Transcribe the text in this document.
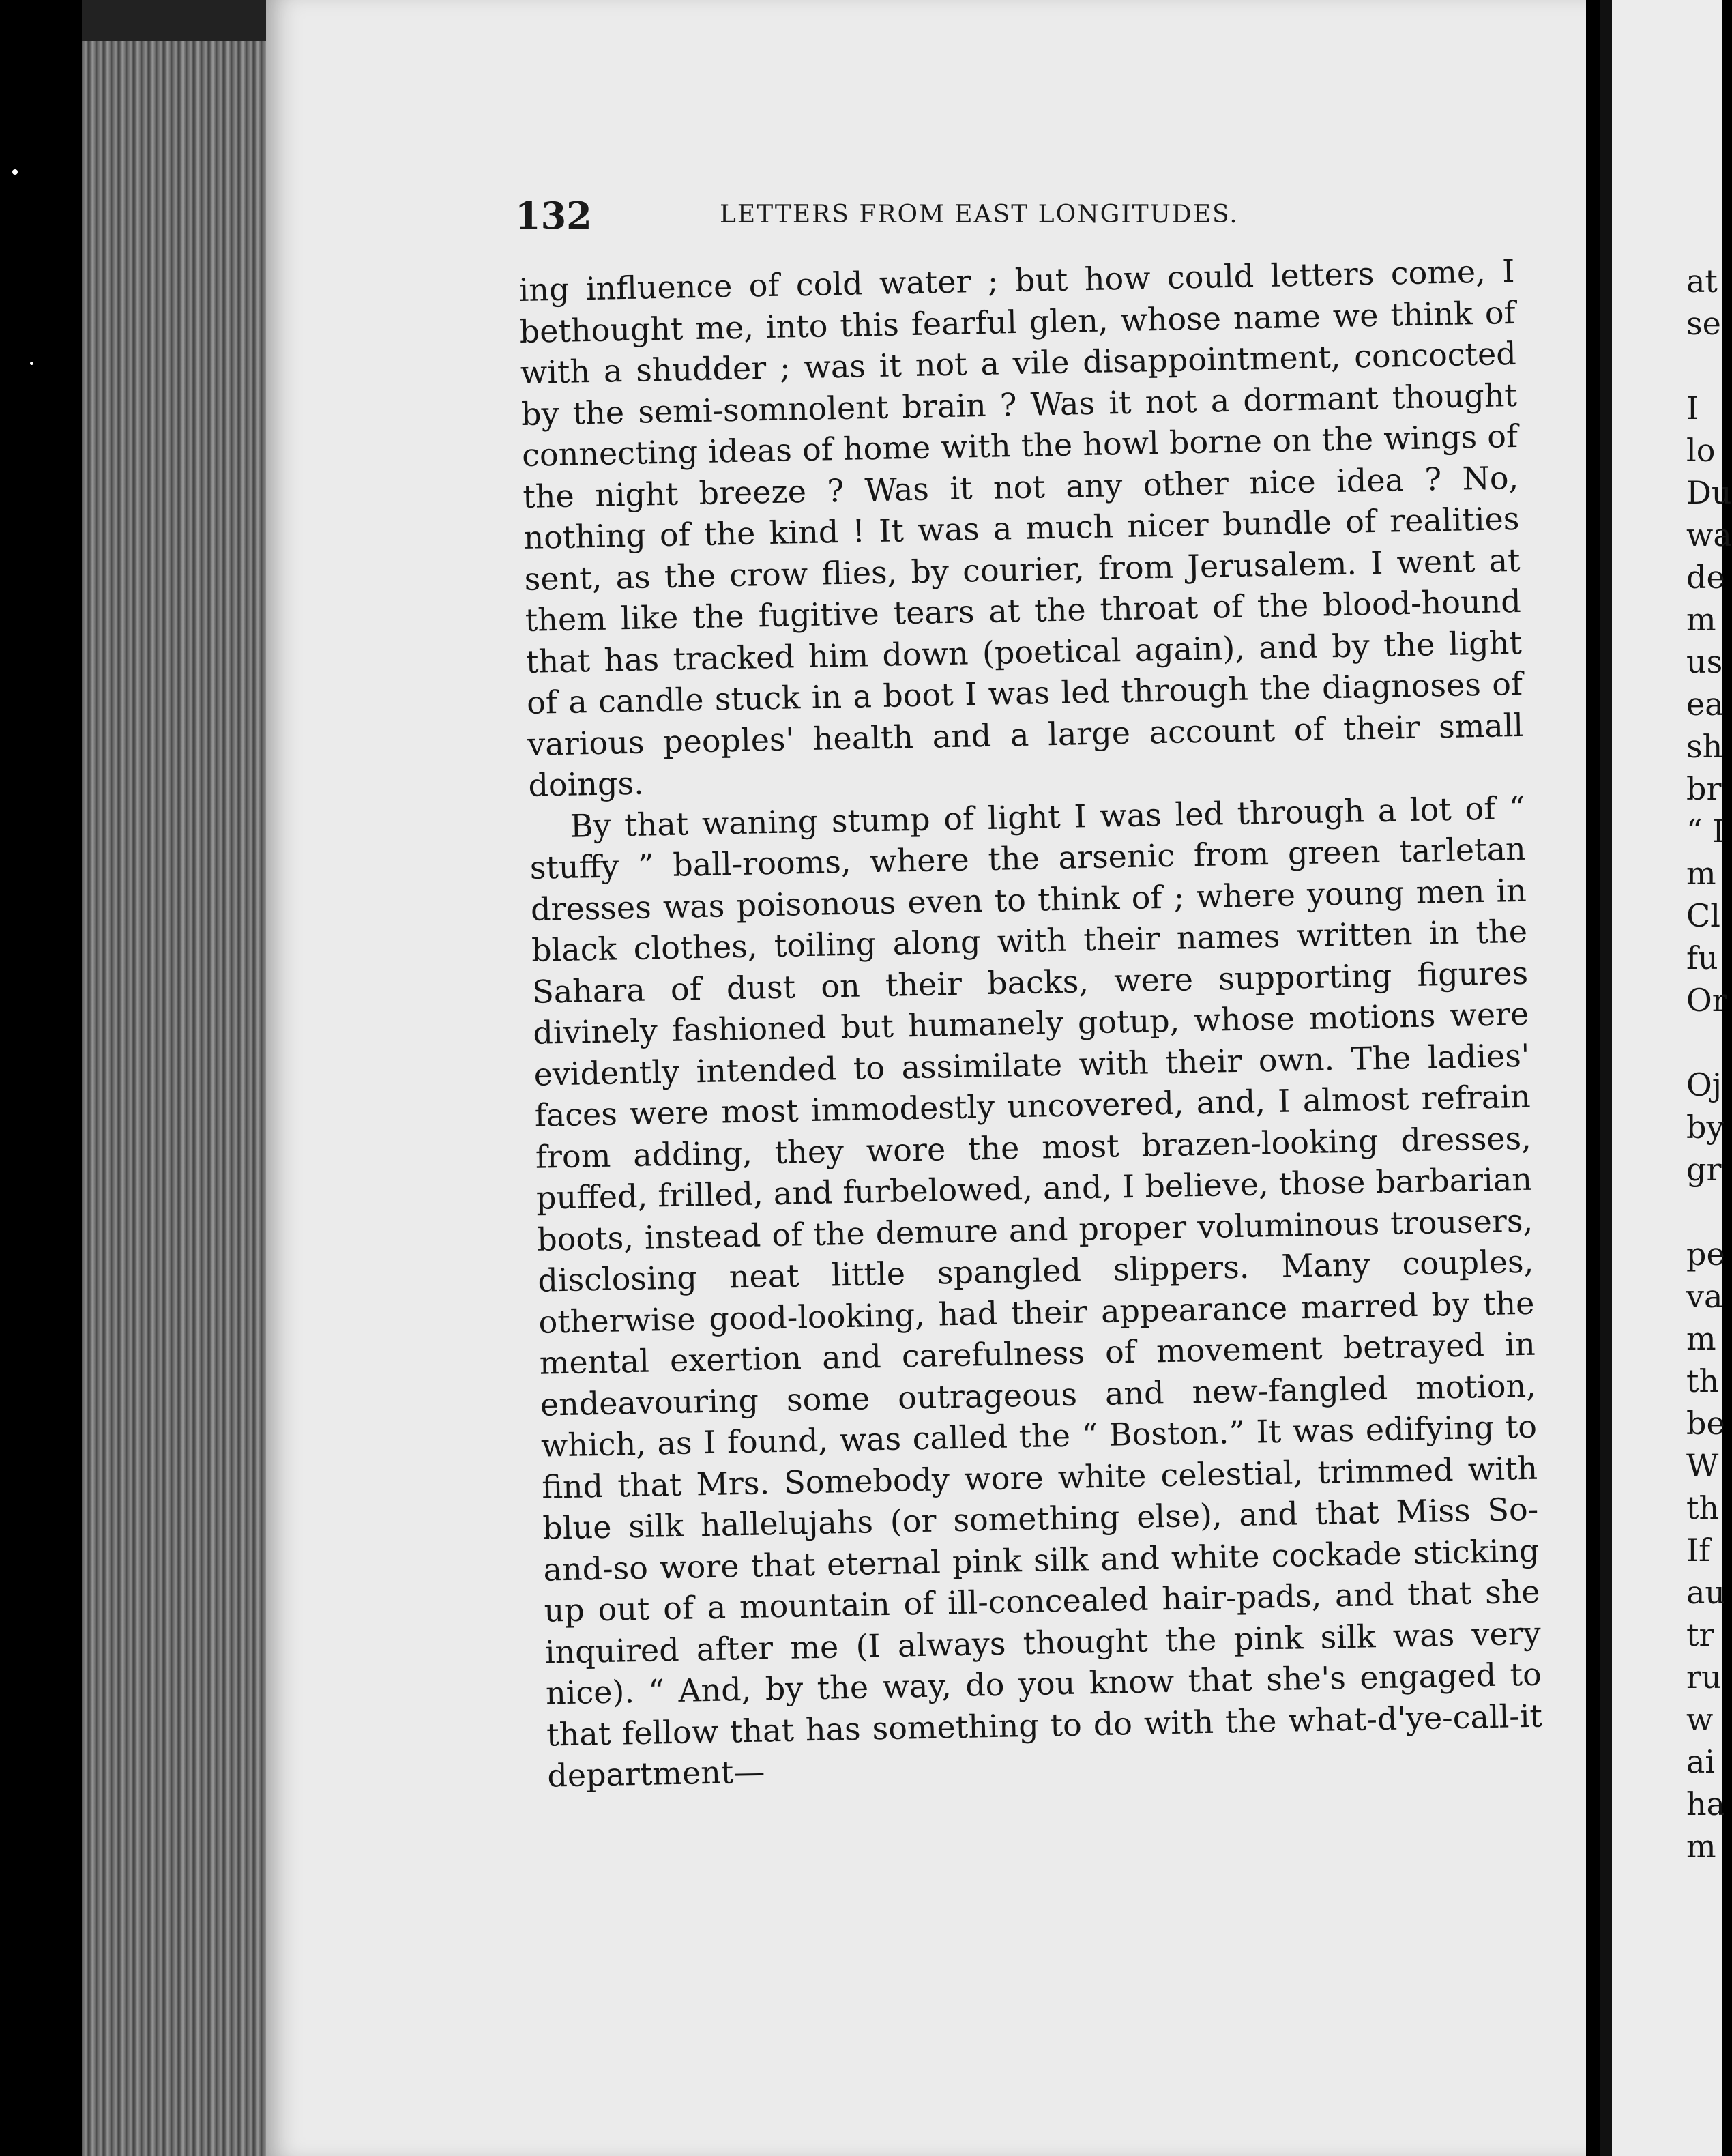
132	LETTERS FROM EAST LONGITUDES.

ing influence of cold water ; but how could letters come, I bethought me, into this fearful glen, whose name we think of with a shudder ; was it not a vile disappointment, concocted by the semi-somnolent brain ? Was it not a dormant thought connecting ideas of home with the howl borne on the wings of the night breeze ? Was it not any other nice idea ? No, nothing of the kind ! It was a much nicer bundle of realities sent, as the crow flies, by courier, from Jerusalem. I went at them like the fugitive tears at the throat of the blood-hound that has tracked him down (poetical again), and by the light of a candle stuck in a boot I was led through the diagnoses of various peoples' health and a large account of their small doings.

By that waning stump of light I was led through a lot of “ stuffy ” ball-rooms, where the arsenic from green tarletan dresses was poisonous even to think of ; where young men in black clothes, toiling along with their names written in the Sahara of dust on their backs, were supporting figures divinely fashioned but humanely gotup, whose motions were evidently intended to assimilate with their own. The ladies' faces were most immodestly uncovered, and, I almost refrain from adding, they wore the most brazen-looking dresses, puffed, frilled, and furbelowed, and, I believe, those barbarian boots, instead of the demure and proper voluminous trousers, disclosing neat little spangled slippers. Many couples, otherwise good-looking, had their appearance marred by the mental exertion and carefulness of movement betrayed in endeavouring some outrageous and new-fangled motion, which, as I found, was called the “ Boston.” It was edifying to find that Mrs. Somebody wore white celestial, trimmed with blue silk hallelujahs (or something else), and that Miss So-and-so wore that eternal pink silk and white cockade sticking up out of a mountain of ill-concealed hair-pads, and that she inquired after me (I always thought the pink silk was very nice). “ And, by the way, do you know that she's engaged to that fellow that has something to do with the what-d'ye-call-it department—

at
se
I
lo
Du
wa
de
m
us
ea
sh
br
“ I
m
Cl
fu
Or
Oj
by
gr
pe
va
m
th
be
W
th
If
au
tr
ru
w
ai
ha
m
